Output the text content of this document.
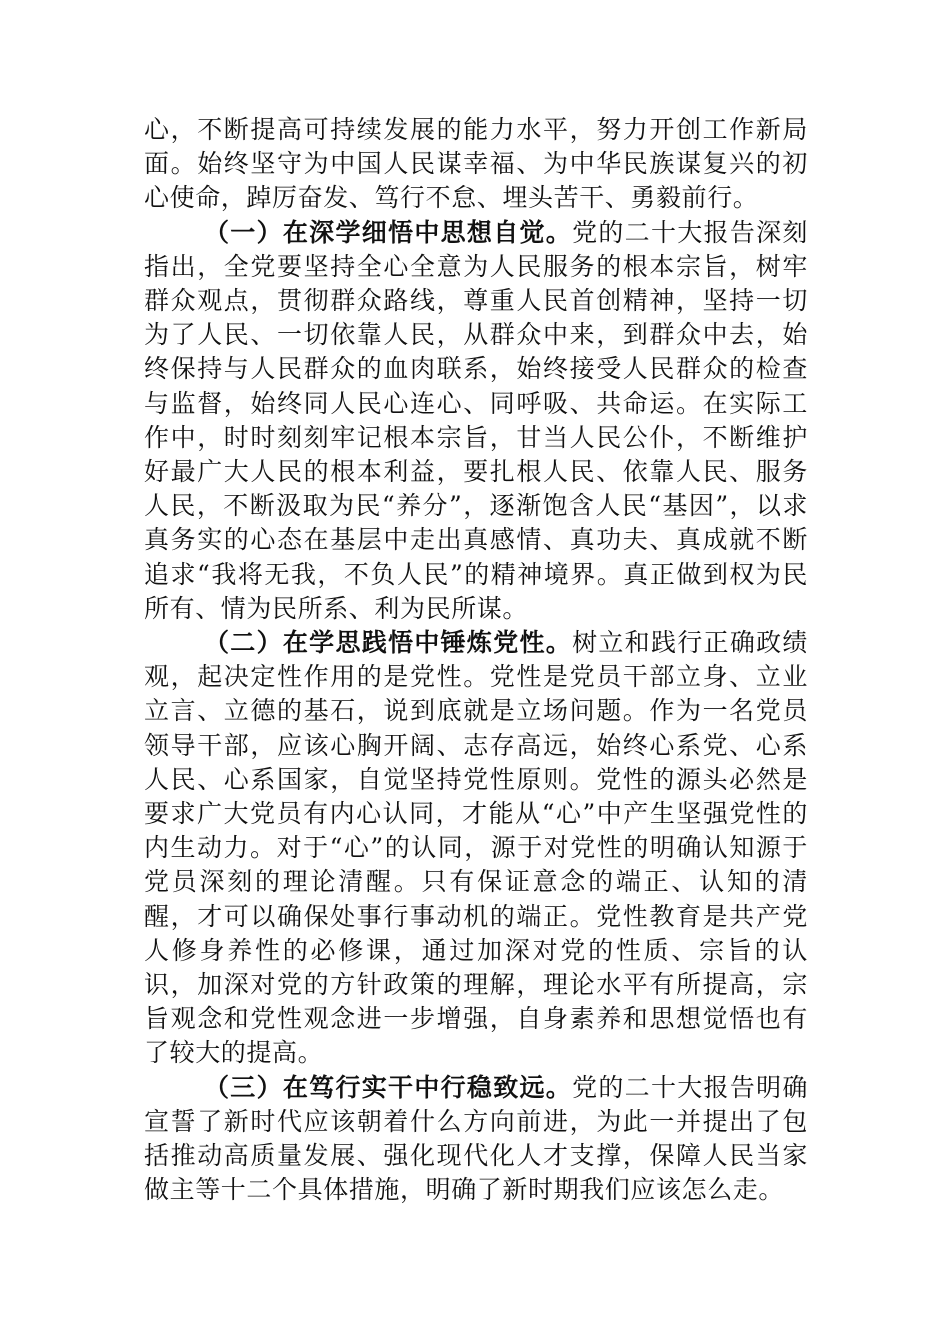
心，不断提高可持续发展的能力水平，努力开创工作新局面。始终坚守为中国人民谋幸福、为中华民族谋复兴的初心使命，踔厉奋发、笃行不怠、埋头苦干、勇毅前行。

（一）在深学细悟中思想自觉。党的二十大报告深刻指出，全党要坚持全心全意为人民服务的根本宗旨，树牢群众观点，贯彻群众路线，尊重人民首创精神，坚持一切为了人民、一切依靠人民，从群众中来，到群众中去，始终保持与人民群众的血肉联系，始终接受人民群众的检查与监督，始终同人民心连心、同呼吸、共命运。在实际工作中，时时刻刻牢记根本宗旨，甘当人民公仆，不断维护好最广大人民的根本利益，要扎根人民、依靠人民、服务人民，不断汲取为民“养分”，逐渐饱含人民“基因”，以求真务实的心态在基层中走出真感情、真功夫、真成就不断追求“我将无我，不负人民”的精神境界。真正做到权为民所有、情为民所系、利为民所谋。

（二）在学思践悟中锤炼党性。树立和践行正确政绩观，起决定性作用的是党性。党性是党员干部立身、立业立言、立德的基石，说到底就是立场问题。作为一名党员领导干部，应该心胸开阔、志存高远，始终心系党、心系人民、心系国家，自觉坚持党性原则。党性的源头必然是要求广大党员有内心认同，才能从“心”中产生坚强党性的内生动力。对于“心”的认同，源于对党性的明确认知源于党员深刻的理论清醒。只有保证意念的端正、认知的清醒，才可以确保处事行事动机的端正。党性教育是共产党人修身养性的必修课，通过加深对党的性质、宗旨的认识，加深对党的方针政策的理解，理论水平有所提高，宗旨观念和党性观念进一步增强，自身素养和思想觉悟也有了较大的提高。

（三）在笃行实干中行稳致远。党的二十大报告明确宣誓了新时代应该朝着什么方向前进，为此一并提出了包括推动高质量发展、强化现代化人才支撑，保障人民当家做主等十二个具体措施，明确了新时期我们应该怎么走。
